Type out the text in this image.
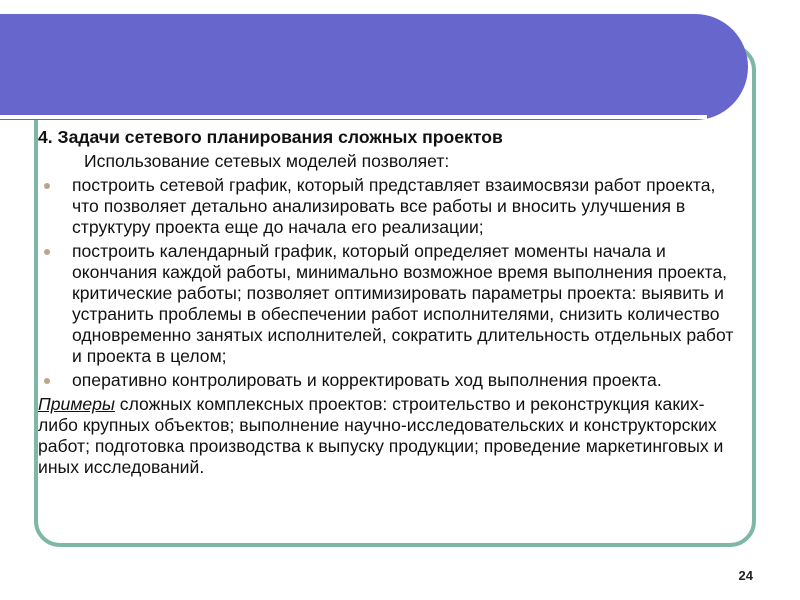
4. Задачи сетевого планирования сложных проектов
Использование сетевых моделей позволяет:
построить сетевой график, который представляет взаимосвязи работ проекта, что позволяет детально анализировать все работы и вносить улучшения в структуру проекта еще до начала его реализации;
построить календарный график, который определяет моменты начала и окончания каждой работы, минимально возможное время выполнения проекта, критические работы; позволяет оптимизировать параметры проекта: выявить и устранить проблемы в обеспечении работ исполнителями, снизить количество одновременно занятых исполнителей, сократить длительность отдельных работ и проекта в целом;
оперативно контролировать и корректировать ход выполнения проекта.

Примеры сложных комплексных проектов: строительство и реконструкция каких-либо крупных объектов; выполнение научно-исследовательских и конструкторских работ; подготовка производства к выпуску продукции; проведение маркетинговых и иных исследований.

24
